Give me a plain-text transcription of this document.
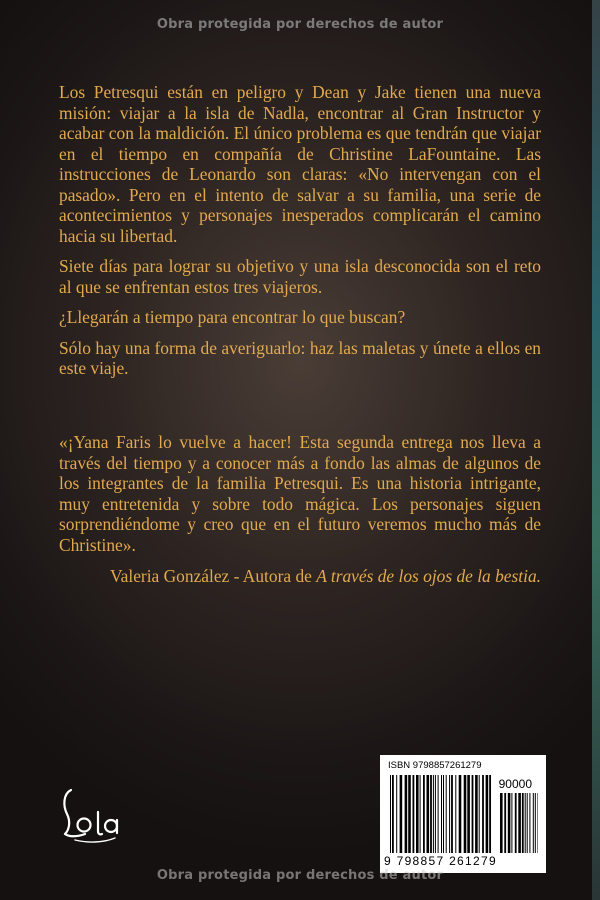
Obra protegida por derechos de autor

Los Petresqui están en peligro y Dean y Jake tienen una nueva misión: viajar a la isla de Nadla, encontrar al Gran Instructor y acabar con la maldición. El único problema es que tendrán que viajar en el tiempo en compañía de Christine LaFountaine. Las instrucciones de Leonardo son claras: «No intervengan con el pasado». Pero en el intento de salvar a su familia, una serie de acontecimientos y personajes inesperados complicarán el camino hacia su libertad.

Siete días para lograr su objetivo y una isla desconocida son el reto al que se enfrentan estos tres viajeros.

¿Llegarán a tiempo para encontrar lo que buscan?

Sólo hay una forma de averiguarlo: haz las maletas y únete a ellos en este viaje.

«¡Yana Faris lo vuelve a hacer! Esta segunda entrega nos lleva a través del tiempo y a conocer más a fondo las almas de algunos de los integrantes de la familia Petresqui. Es una historia intrigante, muy entretenida y sobre todo mágica. Los personajes siguen sorprendiéndome y creo que en el futuro veremos mucho más de Christine».

Valeria González - Autora de A través de los ojos de la bestia.
ISBN 9798857261279
90000
9 798857 261279
Obra protegida por derechos de autor
